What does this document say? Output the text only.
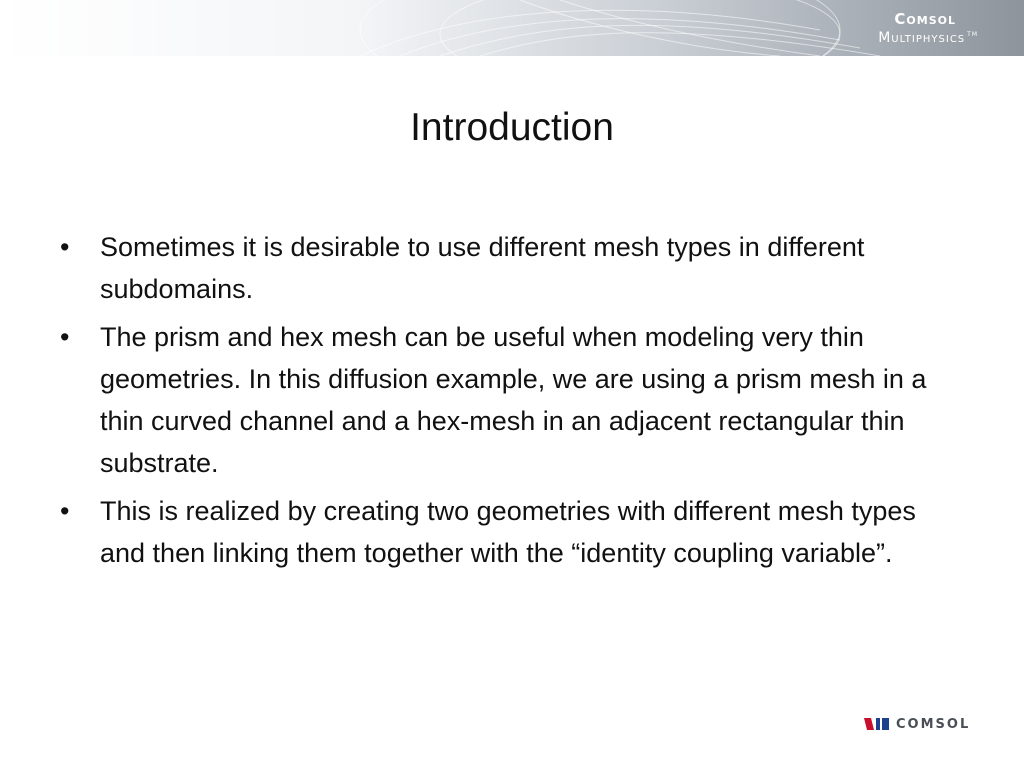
Comsol
Multiphysics ™
Introduction
• Sometimes it is desirable to use different mesh types in different subdomains.
• The prism and hex mesh can be useful when modeling very thin geometries. In this diffusion example, we are using a prism mesh in a thin curved channel and a hex-mesh in an adjacent rectangular thin substrate.
• This is realized by creating two geometries with different mesh types and then linking them together with the “identity coupling variable”.
COMSOL
